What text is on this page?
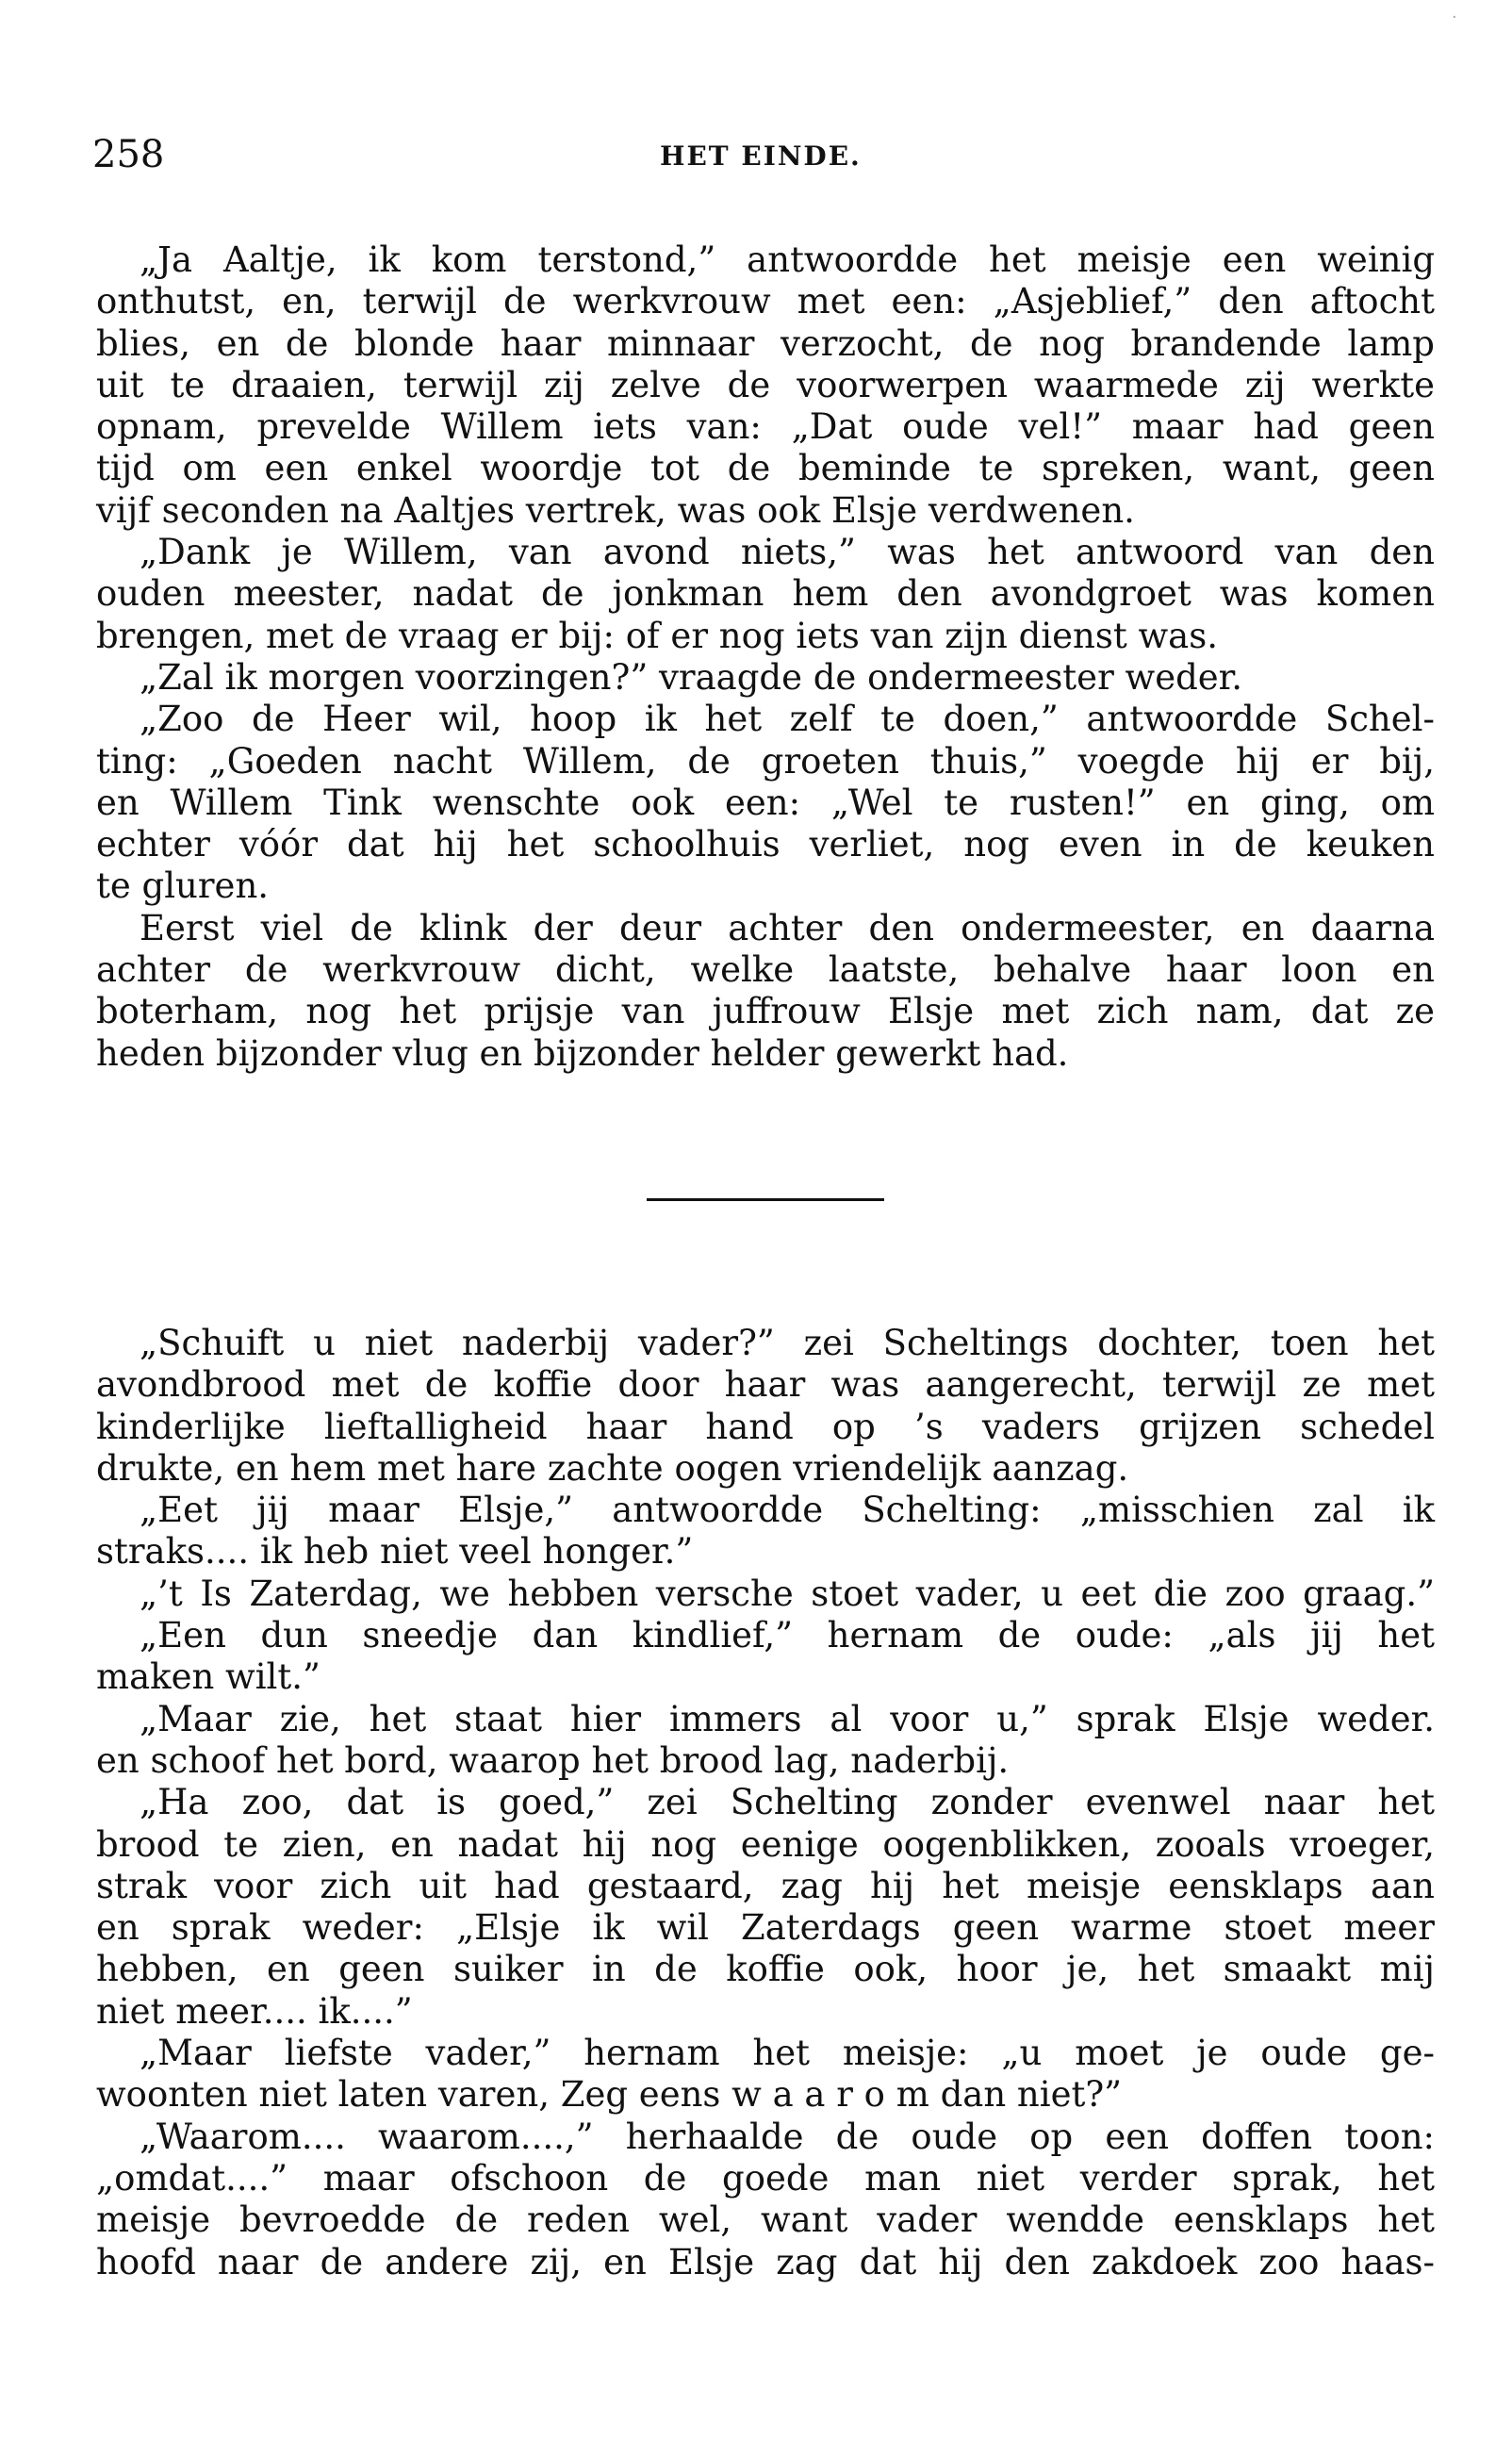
·
258	HET EINDE.
„Ja Aaltje, ik kom terstond,” antwoordde het meisje een weinig
onthutst, en, terwijl de werkvrouw met een: „Asjeblief,” den aftocht
blies, en de blonde haar minnaar verzocht, de nog brandende lamp
uit te draaien, terwijl zij zelve de voorwerpen waarmede zij werkte
opnam, prevelde Willem iets van: „Dat oude vel!” maar had geen
tijd om een enkel woordje tot de beminde te spreken, want, geen
vijf seconden na Aaltjes vertrek, was ook Elsje verdwenen.
„Dank je Willem, van avond niets,” was het antwoord van den
ouden meester, nadat de jonkman hem den avondgroet was komen
brengen, met de vraag er bij: of er nog iets van zijn dienst was.
„Zal ik morgen voorzingen?” vraagde de ondermeester weder.
„Zoo de Heer wil, hoop ik het zelf te doen,” antwoordde Schel-
ting: „Goeden nacht Willem, de groeten thuis,” voegde hij er bij,
en Willem Tink wenschte ook een: „Wel te rusten!” en ging, om
echter vóór dat hij het schoolhuis verliet, nog even in de keuken
te gluren.
Eerst viel de klink der deur achter den ondermeester, en daarna
achter de werkvrouw dicht, welke laatste, behalve haar loon en
boterham, nog het prijsje van juffrouw Elsje met zich nam, dat ze
heden bijzonder vlug en bijzonder helder gewerkt had.
„Schuift u niet naderbij vader?” zei Scheltings dochter, toen het
avondbrood met de koffie door haar was aangerecht, terwijl ze met
kinderlijke lieftalligheid haar hand op ’s vaders grijzen schedel
drukte, en hem met hare zachte oogen vriendelijk aanzag.
„Eet jij maar Elsje,” antwoordde Schelting: „misschien zal ik
straks.... ik heb niet veel honger.”
„’t Is Zaterdag, we hebben versche stoet vader, u eet die zoo graag.”
„Een dun sneedje dan kindlief,” hernam de oude: „als jij het
maken wilt.”
„Maar zie, het staat hier immers al voor u,” sprak Elsje weder.
en schoof het bord, waarop het brood lag, naderbij.
„Ha zoo, dat is goed,” zei Schelting zonder evenwel naar het
brood te zien, en nadat hij nog eenige oogenblikken, zooals vroeger,
strak voor zich uit had gestaard, zag hij het meisje eensklaps aan
en sprak weder: „Elsje ik wil Zaterdags geen warme stoet meer
hebben, en geen suiker in de koffie ook, hoor je, het smaakt mij
niet meer.... ik....”
„Maar liefste vader,” hernam het meisje: „u moet je oude ge-
woonten niet laten varen, Zeg eens w a a r o m dan niet?”
„Waarom.... waarom....,” herhaalde de oude op een doffen toon:
„omdat....” maar ofschoon de goede man niet verder sprak, het
meisje bevroedde de reden wel, want vader wendde eensklaps het
hoofd naar de andere zij, en Elsje zag dat hij den zakdoek zoo haas-
